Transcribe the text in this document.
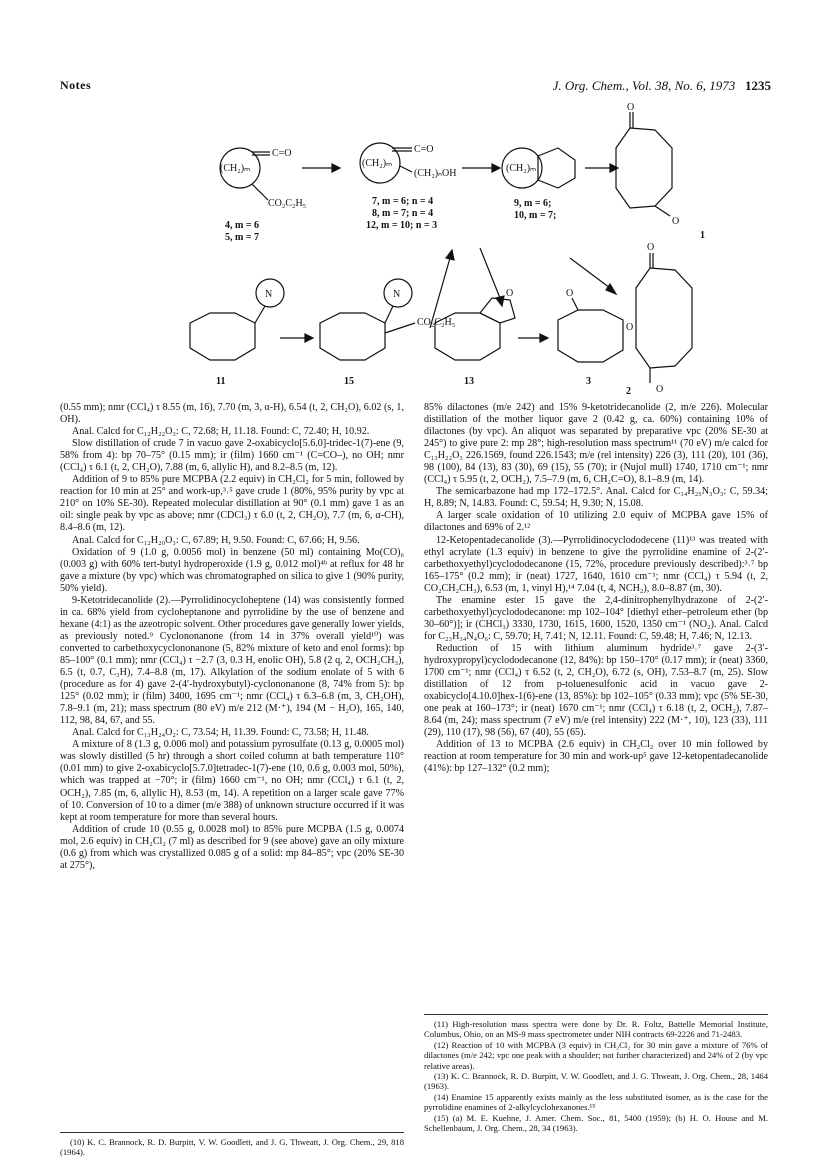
Notes	J. Org. Chem., Vol. 38, No. 6, 1973 1235
C=O
(CH₂)ₘ
CO₂C₂H₅
4, m = 6
5, m = 7
C=O
(CH₂)ₘ
(CH₂)ₙOH
7, m = 6; n = 4
8, m = 7; n = 4
12, m = 10; n = 3
(CH₂)ₘ
9, m = 6;
10, m = 7;
O
O
1
N
11
N
CO₂C₂H₅
15
O
13
O
O
3
O
O
2

(0.55 mm); nmr (CCl₄) τ 8.55 (m, 16), 7.70 (m, 3, α-H), 6.54 (t, 2, CH₂O), 6.02 (s, 1, OH).

Anal. Calcd for C₁₂H₂₂O₃: C, 72.68; H, 11.18. Found: C, 72.40; H, 10.92.

Slow distillation of crude 7 in vacuo gave 2-oxabicyclo[5.6.0]-tridec-1(7)-ene (9, 58% from 4): bp 70–75° (0.15 mm); ir (film) 1660 cm⁻¹ (C=CO–), no OH; nmr (CCl₄) τ 6.1 (t, 2, CH₂O), 7.88 (m, 6, allylic H), and 8.2–8.5 (m, 12).

Addition of 9 to 85% pure MCPBA (2.2 equiv) in CH₂Cl₂ for 5 min, followed by reaction for 10 min at 25° and work-up,³˒⁵ gave crude 1 (80%, 95% purity by vpc at 210° on 10% SE-30). Repeated molecular distillation at 90° (0.1 mm) gave 1 as an oil: single peak by vpc as above; nmr (CDCl₃) τ 6.0 (t, 2, CH₂O), 7.7 (m, 6, α-CH), 8.4–8.6 (m, 12).

Anal. Calcd for C₁₂H₂₀O₃: C, 67.89; H, 9.50. Found: C, 67.66; H, 9.56.

Oxidation of 9 (1.0 g, 0.0056 mol) in benzene (50 ml) containing Mo(CO)₆ (0.003 g) with 60% tert-butyl hydroperoxide (1.9 g, 0.012 mol)⁴ᵇ at reflux for 48 hr gave a mixture (by vpc) which was chromatographed on silica to give 1 (90% purity, 50% yield).

9-Ketotridecanolide (2).—Pyrrolidinocycloheptene (14) was consistently formed in ca. 68% yield from cycloheptanone and pyrrolidine by the use of benzene and hexane (4:1) as the azeotropic solvent. Other procedures gave generally lower yields, as previously noted.⁹ Cyclononanone (from 14 in 37% overall yield¹⁰) was converted to carbethoxycyclononanone (5, 82% mixture of keto and enol forms): bp 85–100° (0.1 mm); nmr (CCl₄) τ −2.7 (3, 0.3 H, enolic OH), 5.8 (2 q, 2, OCH₂CH₃), 6.5 (t, 0.7, C₃H), 7.4–8.8 (m, 17). Alkylation of the sodium enolate of 5 with 6 (procedure as for 4) gave 2-(4′-hydroxybutyl)-cyclononanone (8, 74% from 5): bp 125° (0.02 mm); ir (film) 3400, 1695 cm⁻¹; nmr (CCl₄) τ 6.3–6.8 (m, 3, CH₂OH), 7.8–9.1 (m, 21); mass spectrum (80 eV) m/e 212 (M·⁺), 194 (M − H₂O), 165, 140, 112, 98, 84, 67, and 55.

Anal. Calcd for C₁₃H₂₄O₂: C, 73.54; H, 11.39. Found: C, 73.58; H, 11.48.

A mixture of 8 (1.3 g, 0.006 mol) and potassium pyrosulfate (0.13 g, 0.0005 mol) was slowly distilled (5 hr) through a short coiled column at bath temperature 110° (0.01 mm) to give 2-oxabicyclo[5.7.0]tetradec-1(7)-ene (10, 0.6 g, 0.003 mol, 50%), which was trapped at −70°; ir (film) 1660 cm⁻¹, no OH; nmr (CCl₄) τ 6.1 (t, 2, OCH₂), 7.85 (m, 6, allylic H), 8.53 (m, 14). A repetition on a larger scale gave 77% of 10. Conversion of 10 to a dimer (m/e 388) of unknown structure occurred if it was kept at room temperature for more than several hours.

Addition of crude 10 (0.55 g, 0.0028 mol) to 85% pure MCPBA (1.5 g, 0.0074 mol, 2.6 equiv) in CH₂Cl₂ (7 ml) as described for 9 (see above) gave an oily mixture (0.6 g) from which was crystallized 0.085 g of a solid: mp 84–85°; vpc (20% SE-30 at 275°),

85% dilactones (m/e 242) and 15% 9-ketotridecanolide (2, m/e 226). Molecular distillation of the mother liquor gave 2 (0.42 g, ca. 60%) containing 10% of dilactones (by vpc). An aliquot was separated by preparative vpc (20% SE-30 at 245°) to give pure 2: mp 28°; high-resolution mass spectrum¹¹ (70 eV) m/e calcd for C₁₃H₂₂O₃ 226.1569, found 226.1543; m/e (rel intensity) 226 (3), 111 (20), 101 (36), 98 (100), 84 (13), 83 (30), 69 (15), 55 (70); ir (Nujol mull) 1740, 1710 cm⁻¹; nmr (CCl₄) τ 5.95 (t, 2, OCH₂), 7.5–7.9 (m, 6, CH₂C=O), 8.1–8.9 (m, 14).

The semicarbazone had mp 172–172.5°. Anal. Calcd for C₁₄H₂₅N₃O₃: C, 59.34; H, 8.89; N, 14.83. Found: C, 59.54; H, 9.30; N, 15.08.

A larger scale oxidation of 10 utilizing 2.0 equiv of MCPBA gave 15% of dilactones and 69% of 2.¹²

12-Ketopentadecanolide (3).—Pyrrolidinocyclododecene (11)¹³ was treated with ethyl acrylate (1.3 equiv) in benzene to give the pyrrolidine enamine of 2-(2′-carbethoxyethyl)cyclododecanone (15, 72%, procedure previously described):³˒⁷ bp 165–175° (0.2 mm); ir (neat) 1727, 1640, 1610 cm⁻¹; nmr (CCl₄) τ 5.94 (t, 2, CO₂CH₂CH₃), 6.53 (m, 1, vinyl H),¹⁴ 7.04 (t, 4, NCH₂), 8.0–8.87 (m, 30).

The enamine ester 15 gave the 2,4-dinitrophenylhydrazone of 2-(2′-carbethoxyethyl)cyclododecanone: mp 102–104° [diethyl ether–petroleum ether (bp 30–60°)]; ir (CHCl₃) 3330, 1730, 1615, 1600, 1520, 1350 cm⁻¹ (NO₂). Anal. Calcd for C₂₃H₃₄N₄O₆: C, 59.70; H, 7.41; N, 12.11. Found: C, 59.48; H, 7.46; N, 12.13.

Reduction of 15 with lithium aluminum hydride³˒⁷ gave 2-(3′-hydroxypropyl)cyclododecanone (12, 84%): bp 150–170° (0.17 mm); ir (neat) 3360, 1700 cm⁻¹; nmr (CCl₄) τ 6.52 (t, 2, CH₂O), 6.72 (s, OH), 7.53–8.7 (m, 25). Slow distillation of 12 from p-toluenesulfonic acid in vacuo gave 2-oxabicyclo[4.10.0]hex-1(6)-ene (13, 85%): bp 102–105° (0.33 mm); vpc (5% SE-30, one peak at 160–173°; ir (neat) 1670 cm⁻¹; nmr (CCl₄) τ 6.18 (t, 2, OCH₂), 7.87–8.64 (m, 24); mass spectrum (7 eV) m/e (rel intensity) 222 (M·⁺, 10), 123 (33), 111 (29), 110 (17), 98 (56), 67 (40), 55 (65).

Addition of 13 to MCPBA (2.6 equiv) in CH₂Cl₂ over 10 min followed by reaction at room temperature for 30 min and work-up⁵ gave 12-ketopentadecanolide (41%): bp 127–132° (0.2 mm);

(10) K. C. Brannock, R. D. Burpitt, V. W. Goodlett, and J. G. Thweatt, J. Org. Chem., 29, 818 (1964).

(11) High-resolution mass spectra were done by Dr. R. Foltz, Battelle Memorial Institute, Columbus, Ohio, on an MS-9 mass spectrometer under NIH contracts 69-2226 and 71-2483.

(12) Reaction of 10 with MCPBA (3 equiv) in CH₂Cl₂ for 30 min gave a mixture of 76% of dilactones (m/e 242; vpc one peak with a shoulder; not further characterized) and 24% of 2 (by vpc relative areas).

(13) K. C. Brannock, R. D. Burpitt, V. W. Goodlett, and J. G. Thweatt, J. Org. Chem., 28, 1464 (1963).

(14) Enamine 15 apparently exists mainly as the less substituted isomer, as is the case for the pyrrolidine enamines of 2-alkylcyclohexanones.¹⁵

(15) (a) M. E. Kuehne, J. Amer. Chem. Soc., 81, 5400 (1959); (b) H. O. House and M. Schellenbaum, J. Org. Chem., 28, 34 (1963).
